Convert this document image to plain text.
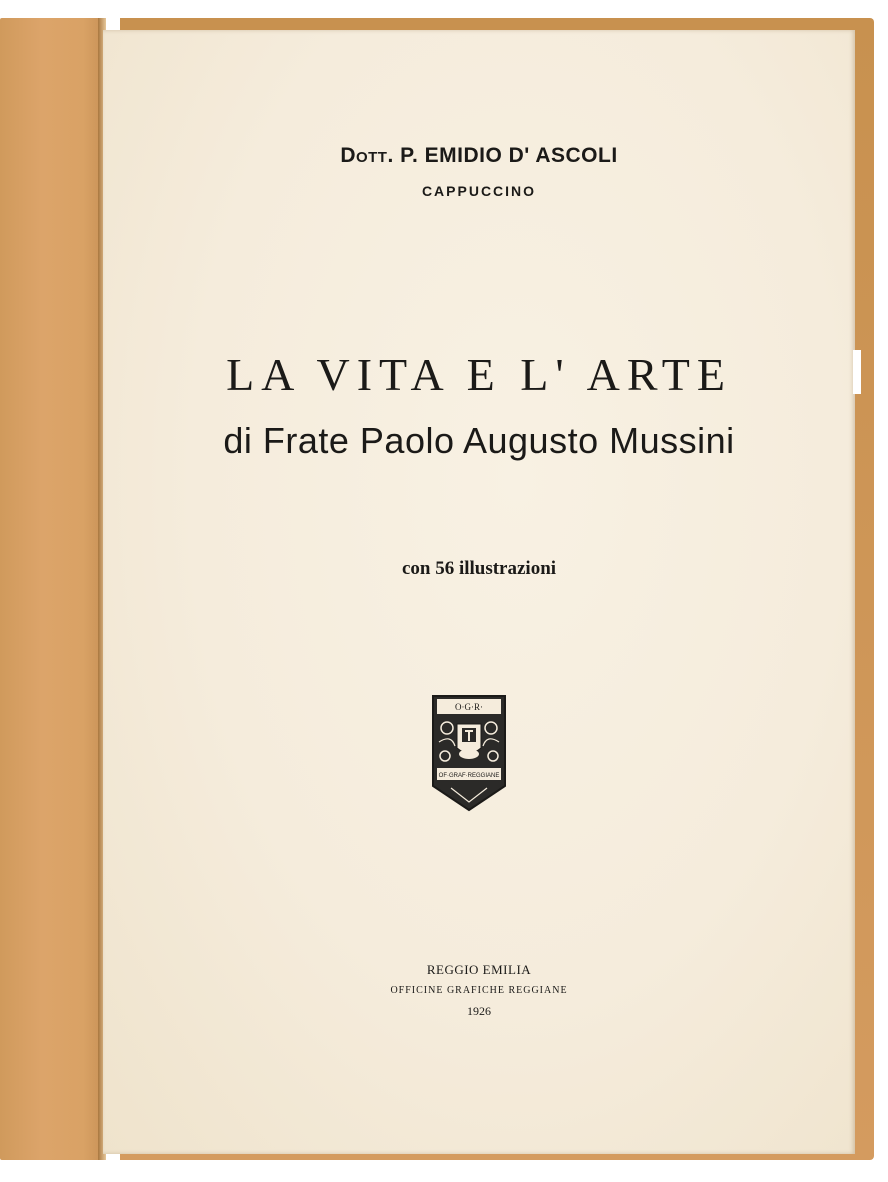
Dott. P. EMIDIO D' ASCOLI

CAPPUCCINO

LA VITA E L' ARTE

di Frate Paolo Augusto Mussini

con 56 illustrazioni

O·G·R·
OF·GRAF·REGGIANE

REGGIO EMILIA

OFFICINE GRAFICHE REGGIANE

1926
